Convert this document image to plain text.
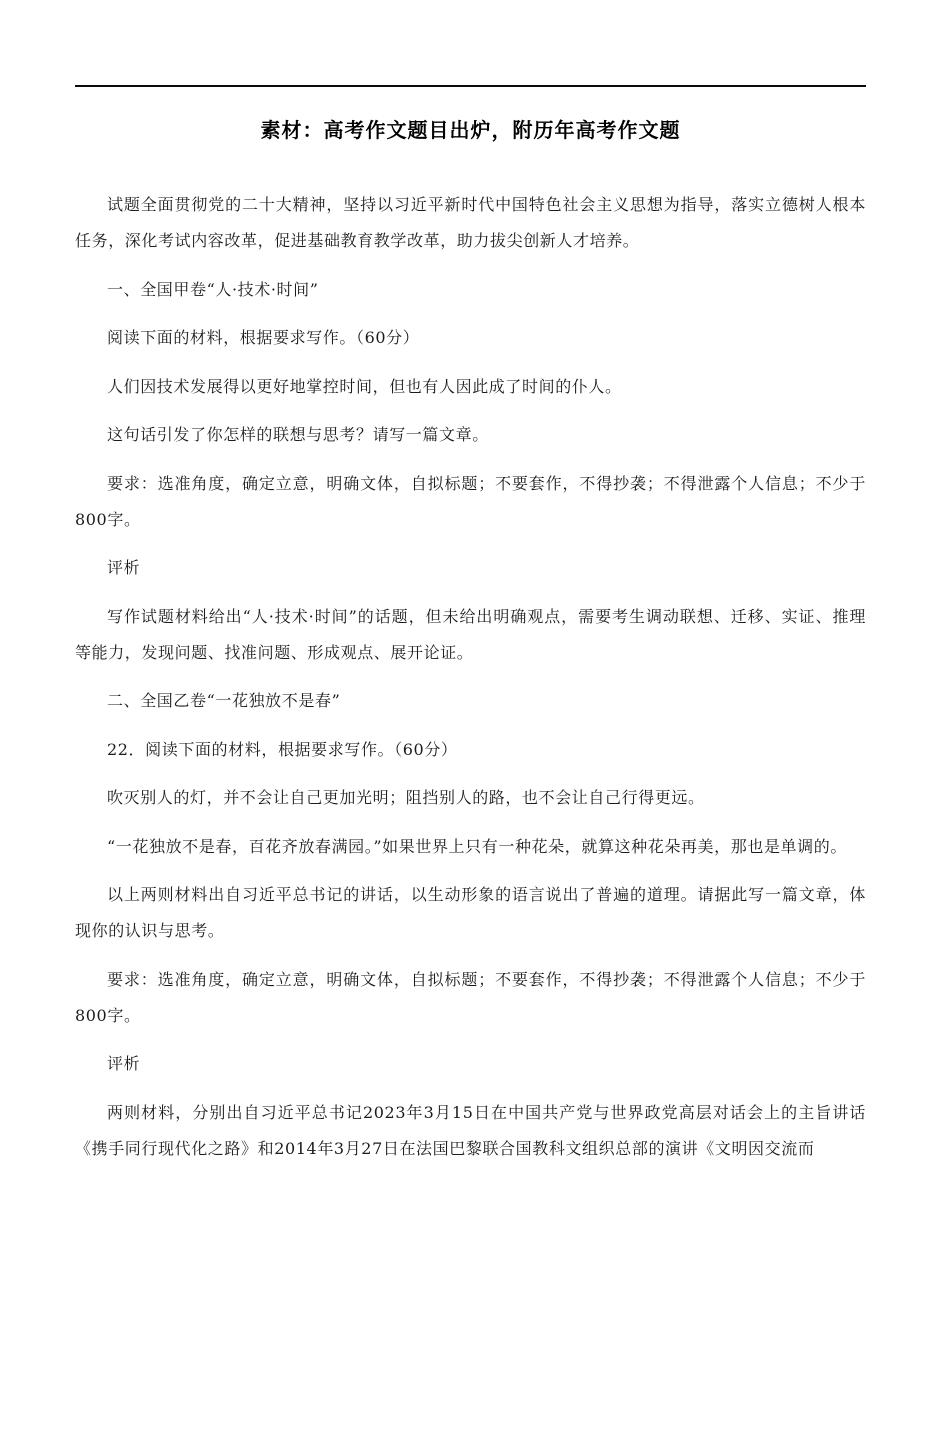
素材：高考作文题目出炉，附历年高考作文题

试题全面贯彻党的二十大精神，坚持以习近平新时代中国特色社会主义思想为指导，落实立德树人根本任务，深化考试内容改革，促进基础教育教学改革，助力拔尖创新人才培养。

一、全国甲卷“人·技术·时间”

阅读下面的材料，根据要求写作。（60分）

人们因技术发展得以更好地掌控时间，但也有人因此成了时间的仆人。

这句话引发了你怎样的联想与思考？请写一篇文章。

要求：选准角度，确定立意，明确文体，自拟标题；不要套作，不得抄袭；不得泄露个人信息；不少于800字。

评析

写作试题材料给出“人·技术·时间”的话题，但未给出明确观点，需要考生调动联想、迁移、实证、推理等能力，发现问题、找准问题、形成观点、展开论证。

二、全国乙卷“一花独放不是春”

22．阅读下面的材料，根据要求写作。（60分）

吹灭别人的灯，并不会让自己更加光明；阻挡别人的路，也不会让自己行得更远。

“一花独放不是春，百花齐放春满园。”如果世界上只有一种花朵，就算这种花朵再美，那也是单调的。

以上两则材料出自习近平总书记的讲话，以生动形象的语言说出了普遍的道理。请据此写一篇文章，体现你的认识与思考。

要求：选准角度，确定立意，明确文体，自拟标题；不要套作，不得抄袭；不得泄露个人信息；不少于800字。

评析

两则材料，分别出自习近平总书记2023年3月15日在中国共产党与世界政党高层对话会上的主旨讲话《携手同行现代化之路》和2014年3月27日在法国巴黎联合国教科文组织总部的演讲《文明因交流而
